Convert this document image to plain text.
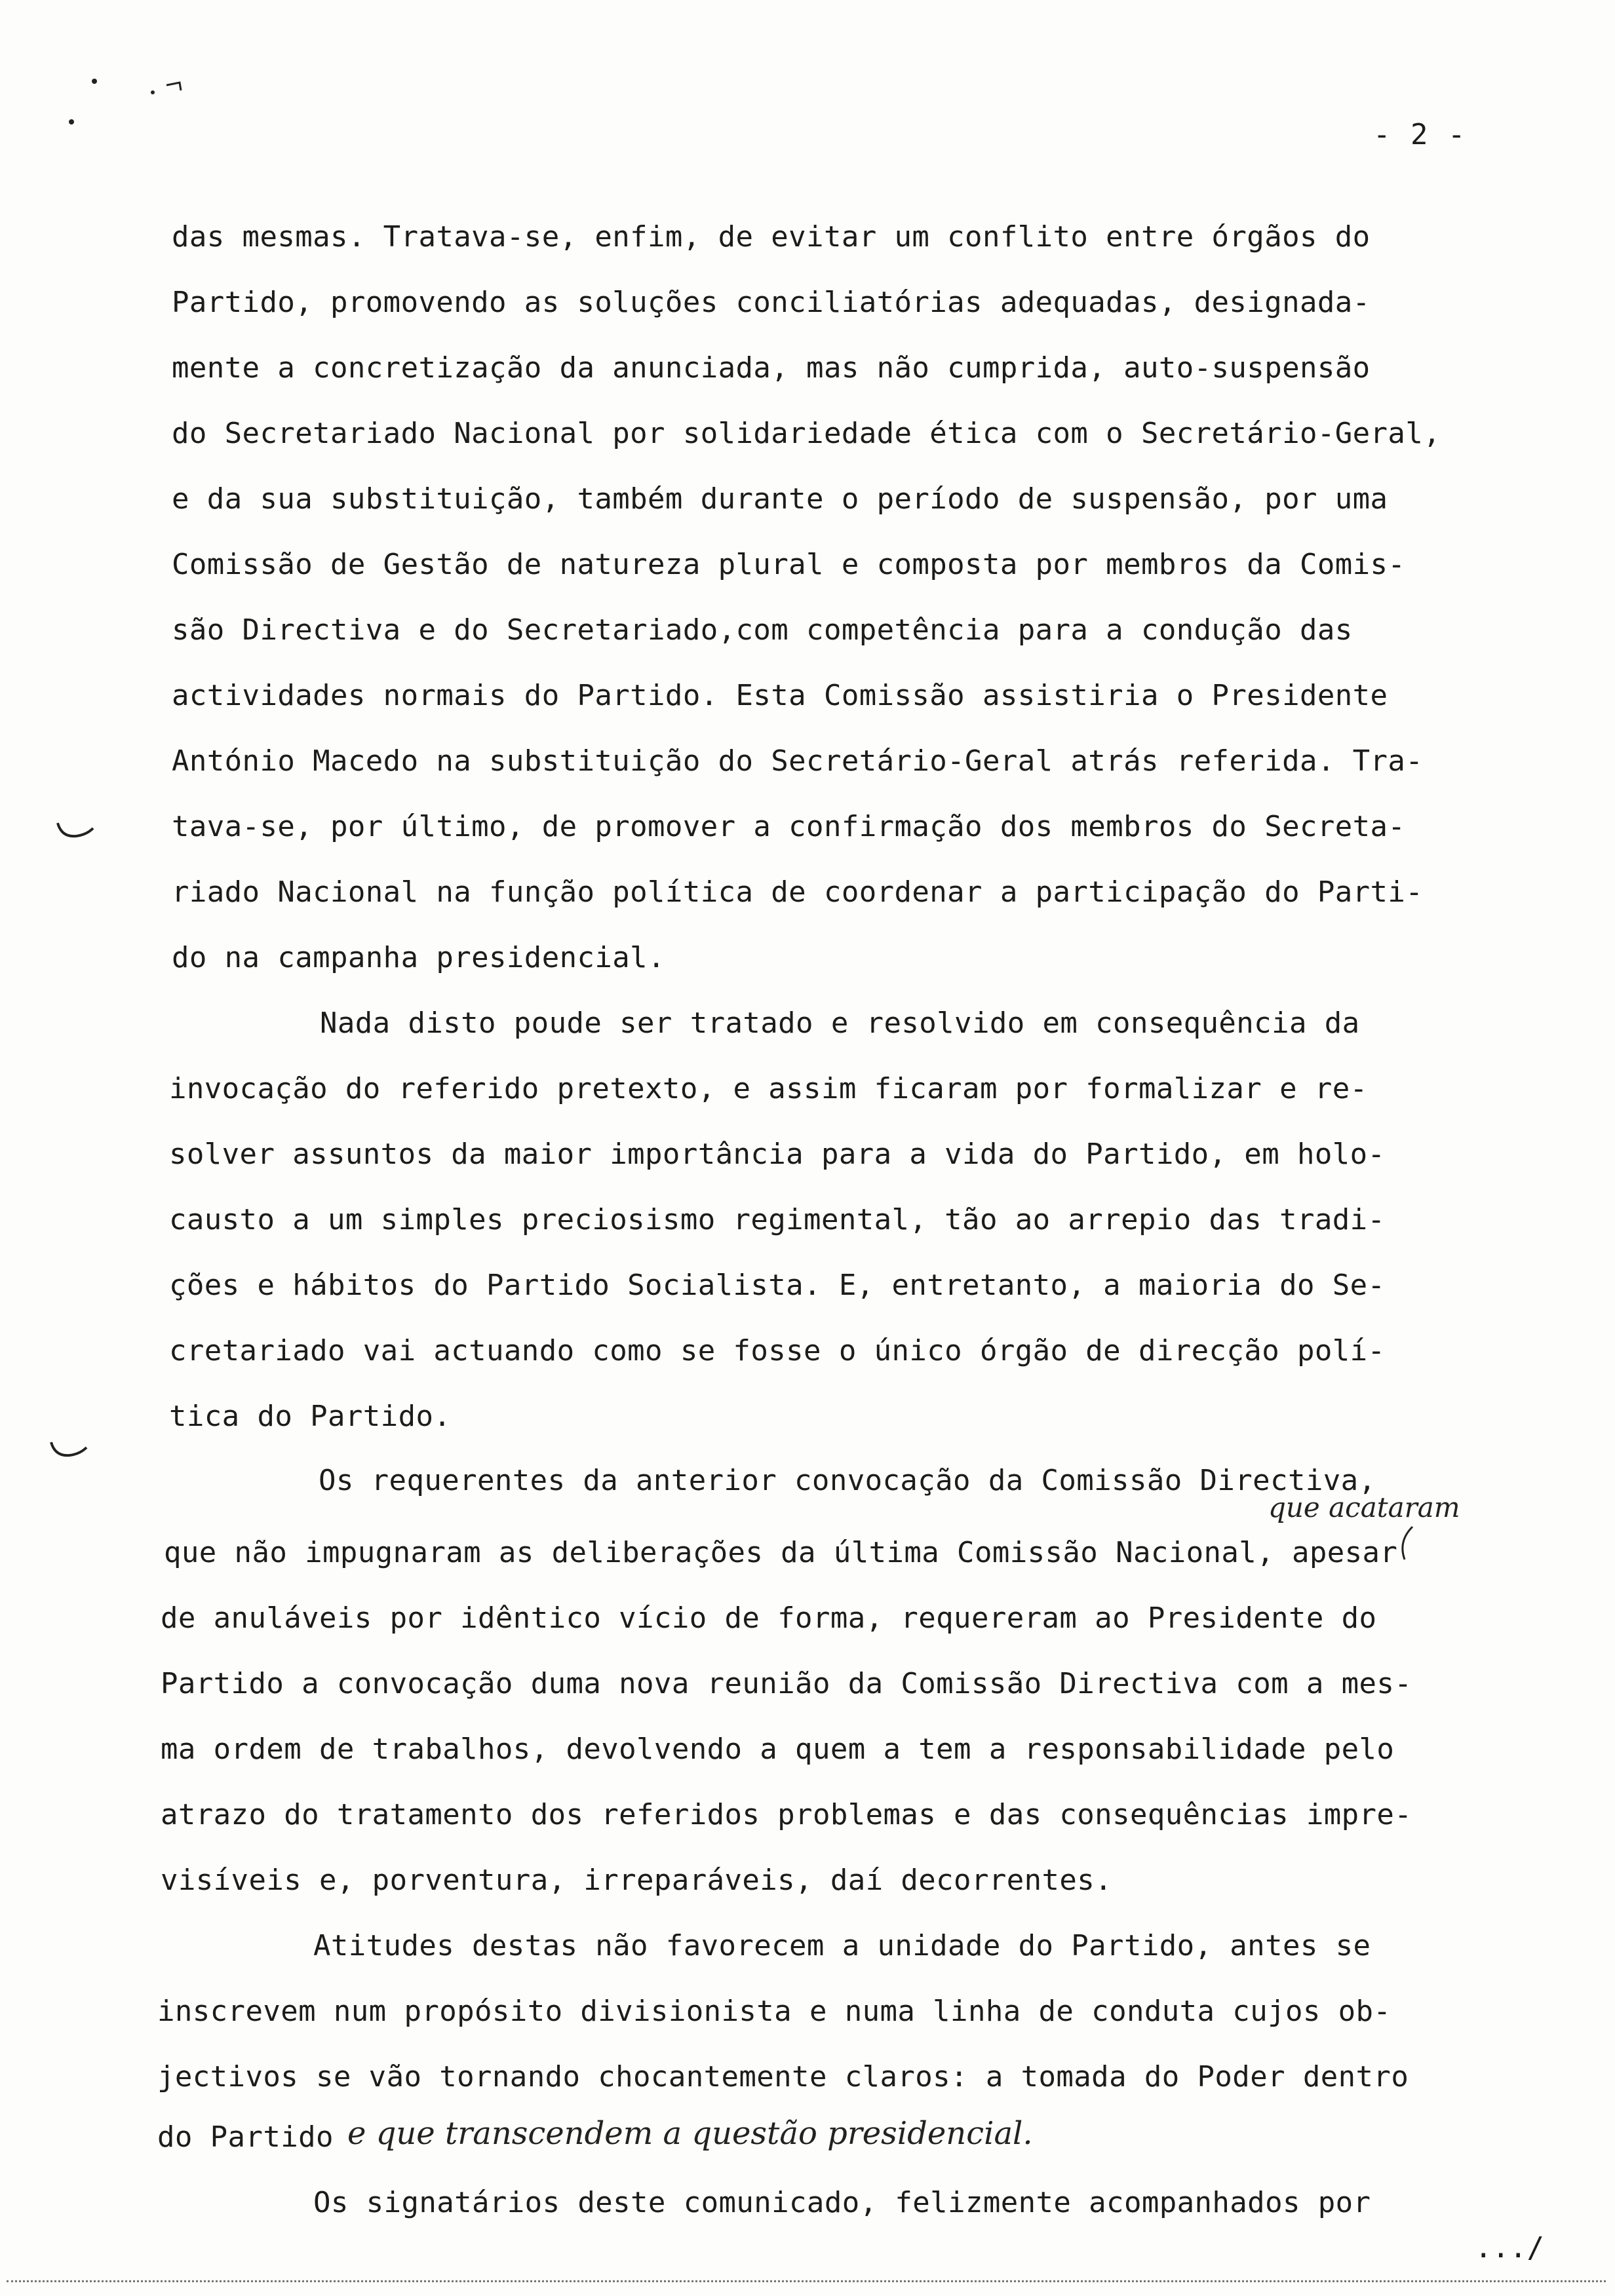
- 2 -
das mesmas. Tratava-se, enfim, de evitar um conflito entre órgãos do
Partido, promovendo as soluções conciliatórias adequadas, designada-
mente a concretização da anunciada, mas não cumprida, auto-suspensão
do Secretariado Nacional por solidariedade ética com o Secretário-Geral,
e da sua substituição, também durante o período de suspensão, por uma
Comissão de Gestão de natureza plural e composta por membros da Comis-
são Directiva e do Secretariado,com competência para a condução das
actividades normais do Partido. Esta Comissão assistiria o Presidente
António Macedo na substituição do Secretário-Geral atrás referida. Tra-
tava-se, por último, de promover a confirmação dos membros do Secreta-
riado Nacional na função política de coordenar a participação do Parti-
do na campanha presidencial.
Nada disto poude ser tratado e resolvido em consequência da
invocação do referido pretexto, e assim ficaram por formalizar e re-
solver assuntos da maior importância para a vida do Partido, em holo-
causto a um simples preciosismo regimental, tão ao arrepio das tradi-
ções e hábitos do Partido Socialista. E, entretanto, a maioria do Se-
cretariado vai actuando como se fosse o único órgão de direcção polí-
tica do Partido.
Os requerentes da anterior convocação da Comissão Directiva,
que acataram
que não impugnaram as deliberações da última Comissão Nacional, apesar
de anuláveis por idêntico vício de forma, requereram ao Presidente do
Partido a convocação duma nova reunião da Comissão Directiva com a mes-
ma ordem de trabalhos, devolvendo a quem a tem a responsabilidade pelo
atrazo do tratamento dos referidos problemas e das consequências impre-
visíveis e, porventura, irreparáveis, daí decorrentes.
Atitudes destas não favorecem a unidade do Partido, antes se
inscrevem num propósito divisionista e numa linha de conduta cujos ob-
jectivos se vão tornando chocantemente claros: a tomada do Poder dentro
do Partido e que transcendem a questão presidencial.
Os signatários deste comunicado, felizmente acompanhados por
.../
